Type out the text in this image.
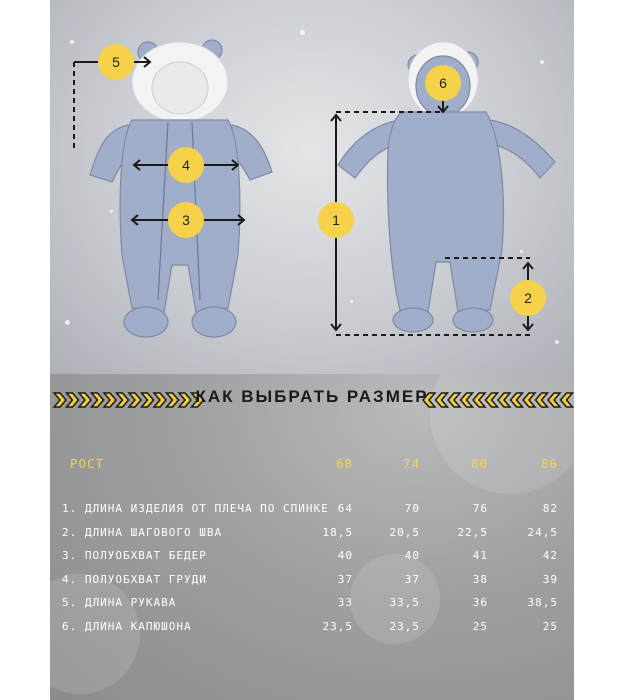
5
4
3
6
1
2
КАК ВЫБРАТЬ РАЗМЕР
РОСТ	68	74	80	86
1. ДЛИНА ИЗДЕЛИЯ ОТ ПЛЕЧА ПО СПИНКЕ 64	70	76	82
2. ДЛИНА ШАГОВОГО ШВА	18,5	20,5	22,5	24,5
3. ПОЛУОБХВАТ БЕДЕР	40	40	41	42
4. ПОЛУОБХВАТ ГРУДИ	37	37	38	39
5. ДЛИНА РУКАВА	33	33,5	36	38,5
6. ДЛИНА КАПЮШОНА	23,5	23,5	25	25
